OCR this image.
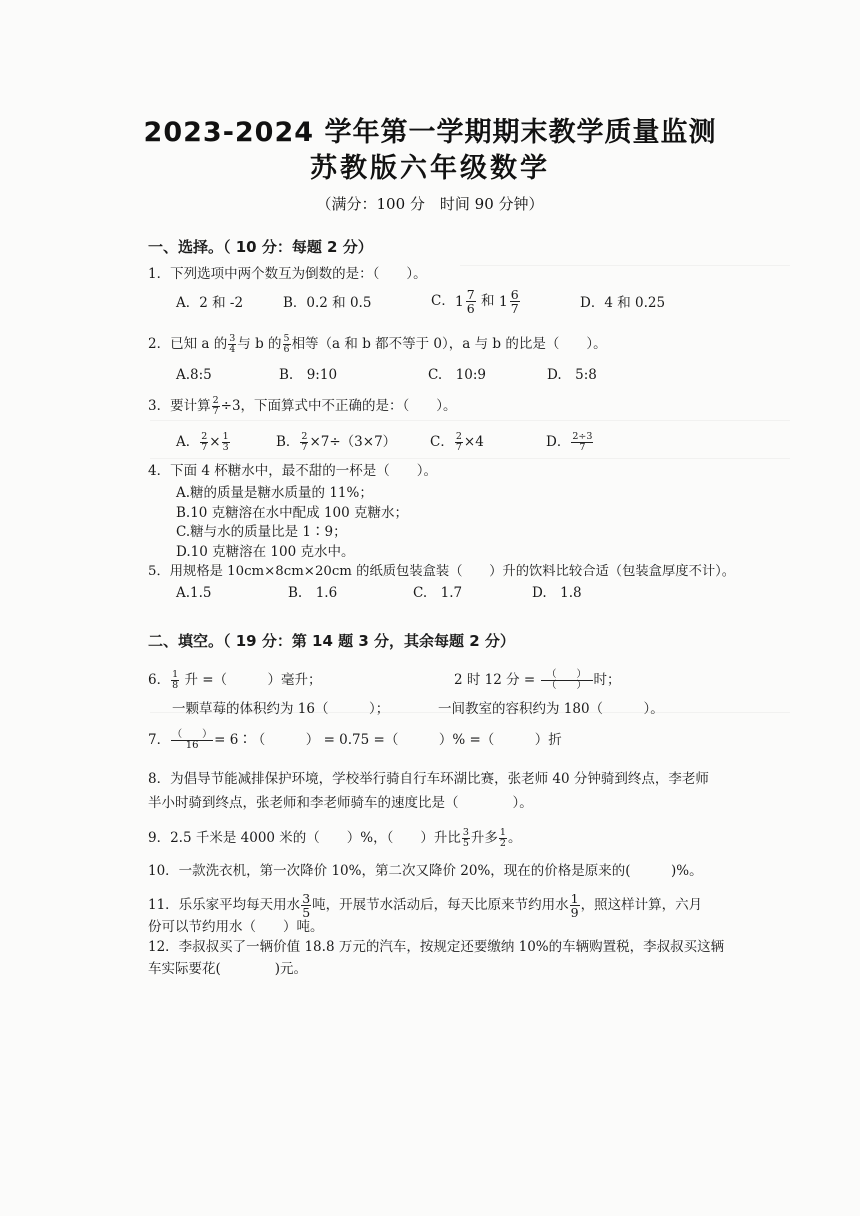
2023-2024 学年第一学期期末教学质量监测
苏教版六年级数学
（满分：100 分　时间 90 分钟）
一、选择。（ 10 分：每题 2 分）
1．下列选项中两个数互为倒数的是：（　　）。
A．2 和 -2	B．0.2 和 0.5	C． $1 \frac{7}{6}$ 和 $1 \frac{6}{7}$	D．4 和 0.25
2．已知 a 的 $\frac{3}{4}$ 与 b 的 $\frac{5}{6}$ 相等（a 和 b 都不等于 0），a 与 b 的比是（　　）。
A.8:5	B.　9:10	C.　10:9	D.　5:8
3．要计算 $\frac{2}{7} \div 3$，下面算式中不正确的是：（　　）。
A． $\frac{2}{7} \times \frac{1}{3}$	B． $\frac{2}{7} \times 7\div(3\times 7)$	C． $\frac{2}{7} \times 4$	D． $\frac{2\div 3}{7}$
4．下面 4 杯糖水中，最不甜的一杯是（　　）。
A.糖的质量是糖水质量的 11%；
B.10 克糖溶在水中配成 100 克糖水；
C.糖与水的质量比是 1∶9；
D.10 克糖溶在 100 克水中。
5．用规格是 10cm×8cm×20cm 的纸质包装盒装（　　）升的饮料比较合适（包装盒厚度不计）。
A.1.5	B.　1.6	C.　1.7	D.　1.8
二、填空。（ 19 分：第 14 题 3 分，其余每题 2 分）
6． $\frac{1}{8}$ 升 =（　　　）毫升；	2 时 12 分 =	（　　）
（　　） 时；
一颗草莓的体积约为 16（　　　）；	一间教室的容积约为 180（　　　）。
7． （　　）
16 = 6∶（　　　） = 0.75 =（　　　）% =（　　　）折
8．为倡导节能减排保护环境，学校举行骑自行车环湖比赛，张老师 40 分钟骑到终点，李老师
半小时骑到终点，张老师和李老师骑车的速度比是（　　　　）。
9．2.5 千米是 4000 米的（　　）%，（　　）升比 $\frac{3}{5}$ 升多 $\frac{1}{2}$ 。
10．一款洗衣机，第一次降价 10%，第二次又降价 20%，现在的价格是原来的(　　　)%。
11．乐乐家平均每天用水 $\frac{3}{5}$ 吨，开展节水活动后，每天比原来节约用水 $\frac{1}{9}$ ，照这样计算，六月
份可以节约用水（　　）吨。
12．李叔叔买了一辆价值 18.8 万元的汽车，按规定还要缴纳 10%的车辆购置税，李叔叔买这辆
车实际要花(　　　　)元。
